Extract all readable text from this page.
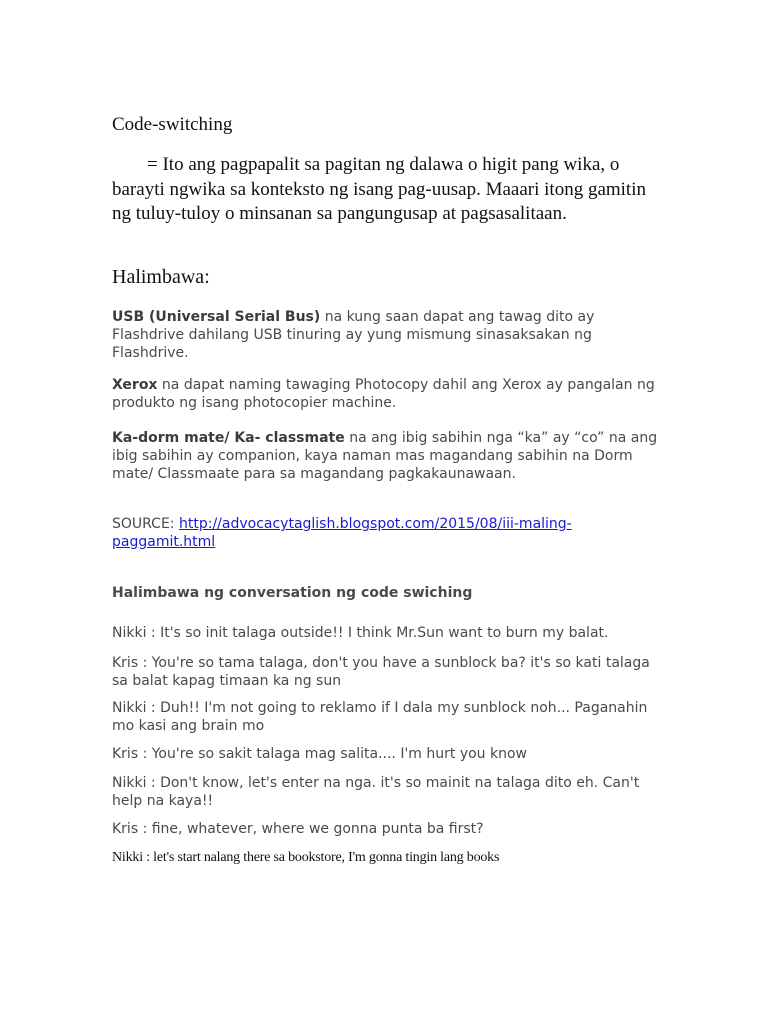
Code-switching
= Ito ang pagpapalit sa pagitan ng dalawa o higit pang wika, o barayti ngwika sa konteksto ng isang pag-uusap. Maaari itong gamitin ng tuluy-tuloy o minsanan sa pangungusap at pagsasalitaan.
Halimbawa:
USB (Universal Serial Bus) na kung saan dapat ang tawag dito ay Flashdrive dahilang USB tinuring ay yung mismung sinasaksakan ng Flashdrive.
Xerox na dapat naming tawaging Photocopy dahil ang Xerox ay pangalan ng produkto ng isang photocopier machine.
Ka-dorm mate/ Ka- classmate na ang ibig sabihin nga “ka” ay “co” na ang ibig sabihin ay companion, kaya naman mas magandang sabihin na Dorm mate/ Classmaate para sa magandang pagkakaunawaan.
SOURCE: http://advocacytaglish.blogspot.com/2015/08/iii-maling-paggamit.html
Halimbawa ng conversation ng code swiching
Nikki : It's so init talaga outside!! I think Mr.Sun want to burn my balat.
Kris : You're so tama talaga, don't you have a sunblock ba? it's so kati talaga sa balat kapag timaan ka ng sun
Nikki : Duh!! I'm not going to reklamo if I dala my sunblock noh... Paganahin mo kasi ang brain mo
Kris : You're so sakit talaga mag salita.... I'm hurt you know
Nikki : Don't know, let's enter na nga. it's so mainit na talaga dito eh. Can't help na kaya!!
Kris : fine, whatever, where we gonna punta ba first?
Nikki : let's start nalang there sa bookstore, I'm gonna tingin lang books
